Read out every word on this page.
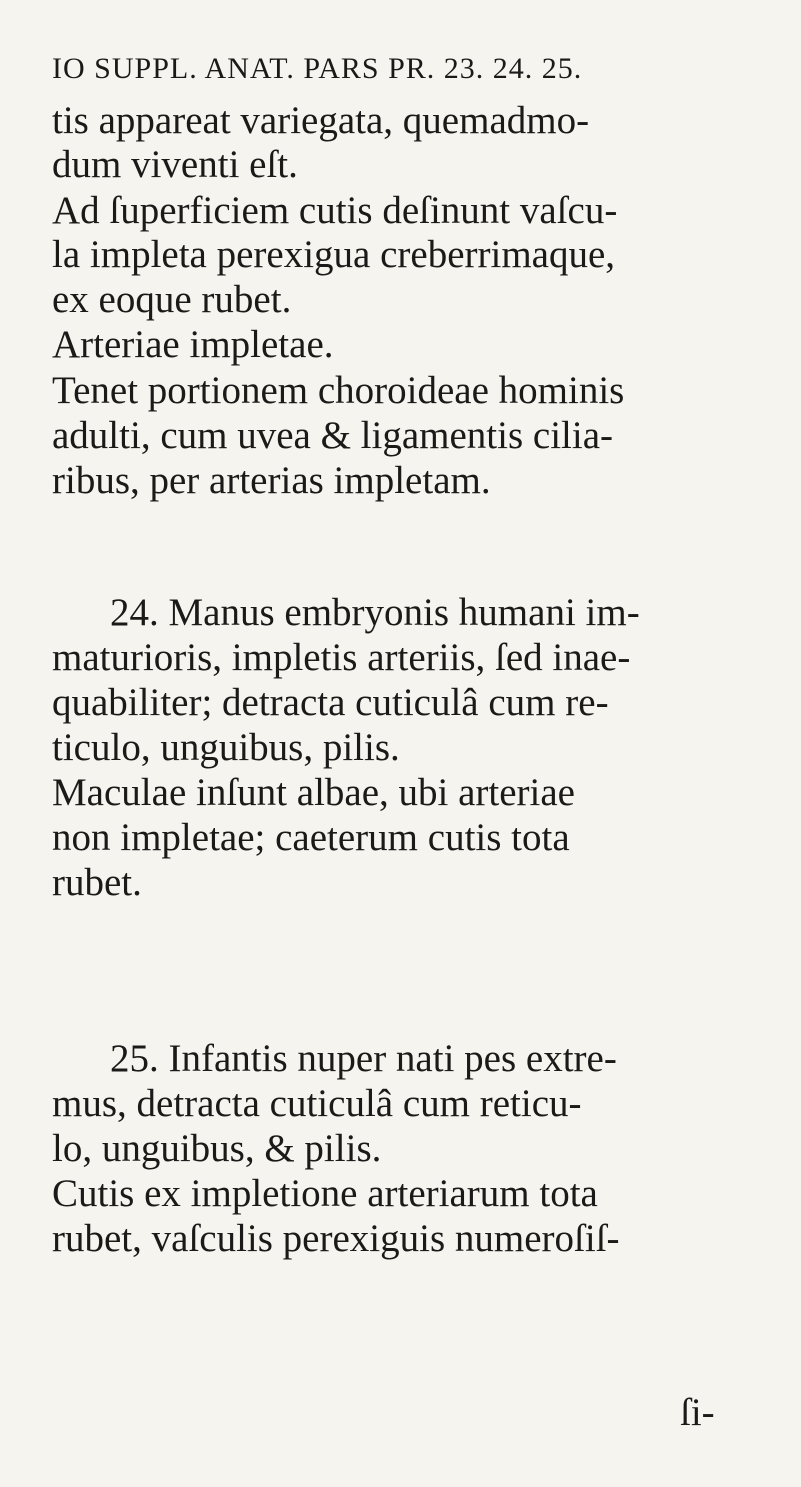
IO SUPPL. ANAT. PARS PR. 23. 24. 25.
tis appareat variegata, quemadmo-
dum viventi eſt.
Ad ſuperficiem cutis deſinunt vaſcu-
la impleta perexigua creberrimaque,
ex eoque rubet.
Arteriae impletae.
Tenet portionem choroideae hominis
adulti, cum uvea & ligamentis cilia-
ribus, per arterias impletam.
24. Manus embryonis humani im-
maturioris, impletis arteriis, ſed inae-
quabiliter; detracta cuticulâ cum re-
ticulo, unguibus, pilis.
Maculae inſunt albae, ubi arteriae
non impletae; caeterum cutis tota
rubet.
25. Infantis nuper nati pes extre-
mus, detracta cuticulâ cum reticu-
lo, unguibus, & pilis.
Cutis ex impletione arteriarum tota
rubet, vaſculis perexiguis numeroſiſ-
ſi-
